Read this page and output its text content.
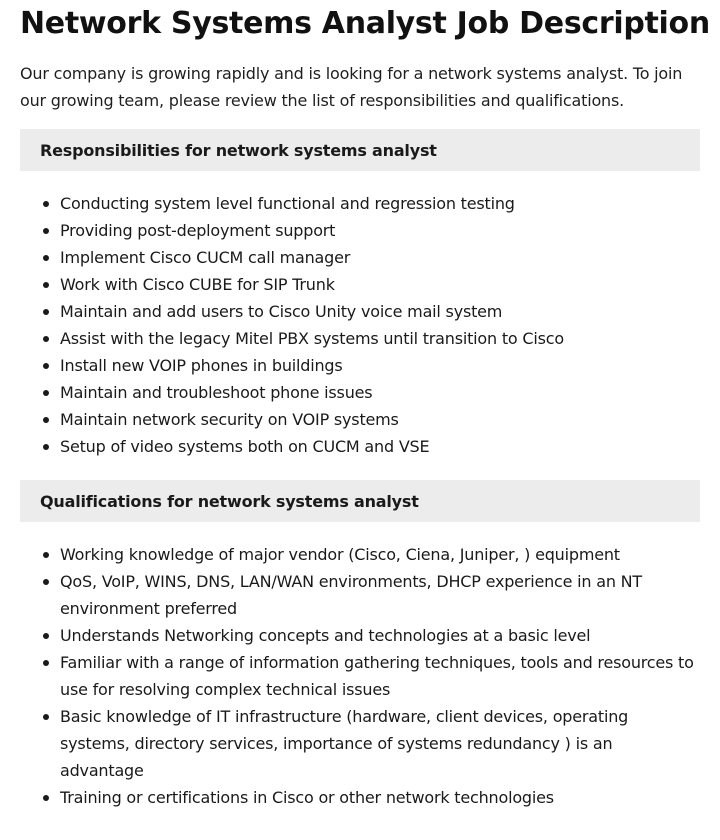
Network Systems Analyst Job Description

Our company is growing rapidly and is looking for a network systems analyst. To join our growing team, please review the list of responsibilities and qualifications.

Responsibilities for network systems analyst
Conducting system level functional and regression testing
Providing post-deployment support
Implement Cisco CUCM call manager
Work with Cisco CUBE for SIP Trunk
Maintain and add users to Cisco Unity voice mail system
Assist with the legacy Mitel PBX systems until transition to Cisco
Install new VOIP phones in buildings
Maintain and troubleshoot phone issues
Maintain network security on VOIP systems
Setup of video systems both on CUCM and VSE
Qualifications for network systems analyst
Working knowledge of major vendor (Cisco, Ciena, Juniper, ) equipment
QoS, VoIP, WINS, DNS, LAN/WAN environments, DHCP experience in an NT environment preferred
Understands Networking concepts and technologies at a basic level
Familiar with a range of information gathering techniques, tools and resources to use for resolving complex technical issues
Basic knowledge of IT infrastructure (hardware, client devices, operating systems, directory services, importance of systems redundancy ) is an advantage
Training or certifications in Cisco or other network technologies
